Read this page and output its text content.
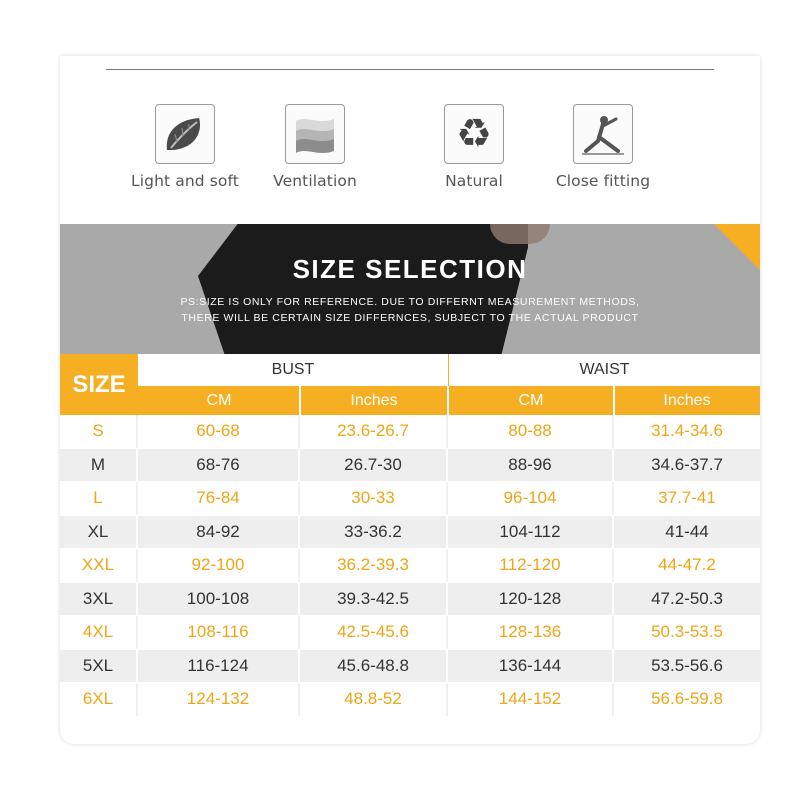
Light and soft	Ventilation
♻
Natural	Close fitting
SIZE SELECTION
PS:SIZE IS ONLY FOR REFERENCE. DUE TO DIFFERNT MEASUREMENT METHODS,
THERE WILL BE CERTAIN SIZE DIFFERNCES, SUBJECT TO THE ACTUAL PRODUCT
SIZE
BUST	WAIST
CM	Inches	CM	Inches
S	60-68	23.6-26.7	80-88	31.4-34.6
M	68-76	26.7-30	88-96	34.6-37.7
L	76-84	30-33	96-104	37.7-41
XL	84-92	33-36.2	104-112	41-44
XXL	92-100	36.2-39.3	112-120	44-47.2
3XL	100-108	39.3-42.5	120-128	47.2-50.3
4XL	108-116	42.5-45.6	128-136	50.3-53.5
5XL	116-124	45.6-48.8	136-144	53.5-56.6
6XL	124-132	48.8-52	144-152	56.6-59.8
